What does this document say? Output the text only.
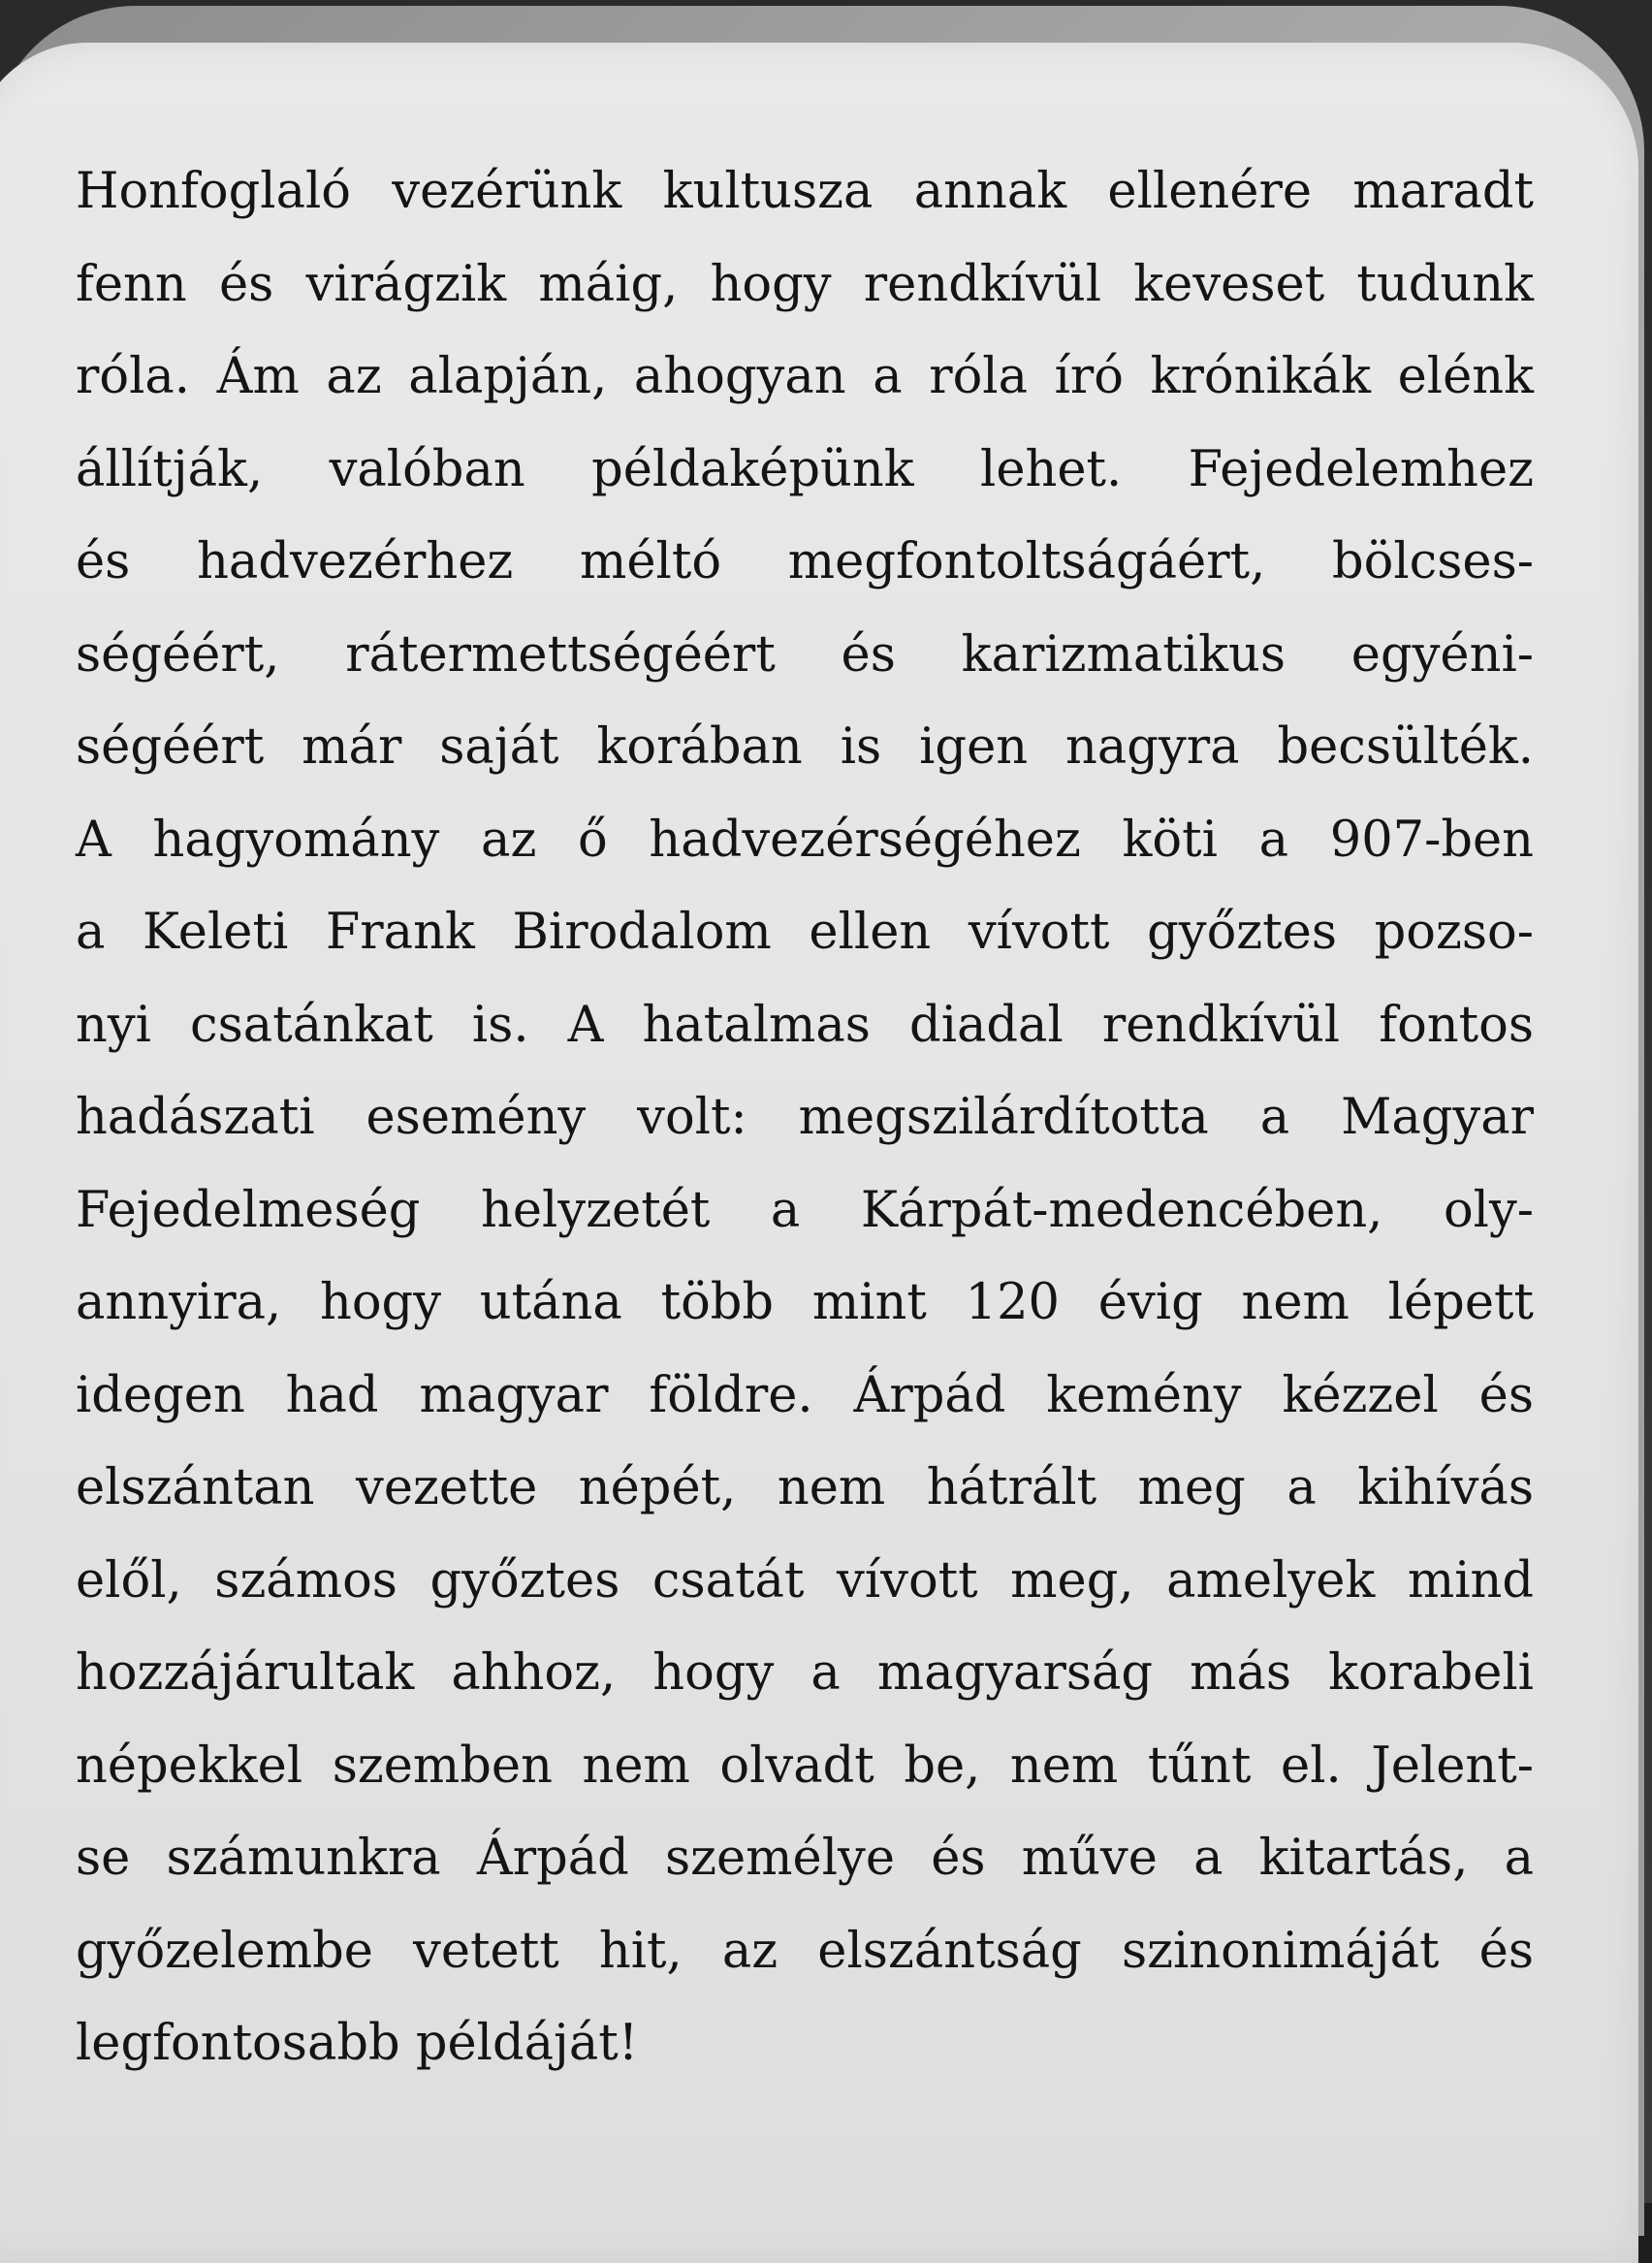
Honfoglaló vezérünk kultusza annak ellenére maradt
fenn és virágzik máig, hogy rendkívül keveset tudunk
róla. Ám az alapján, ahogyan a róla író krónikák elénk
állítják, valóban példaképünk lehet. Fejedelemhez
és hadvezérhez méltó megfontoltságáért, bölcses-
ségéért, rátermettségéért és karizmatikus egyéni-
ségéért már saját korában is igen nagyra becsülték.
A hagyomány az ő hadvezérségéhez köti a 907-ben
a Keleti Frank Birodalom ellen vívott győztes pozso-
nyi csatánkat is. A hatalmas diadal rendkívül fontos
hadászati esemény volt: megszilárdította a Magyar
Fejedelmeség helyzetét a Kárpát-medencében, oly-
annyira, hogy utána több mint 120 évig nem lépett
idegen had magyar földre. Árpád kemény kézzel és
elszántan vezette népét, nem hátrált meg a kihívás
elől, számos győztes csatát vívott meg, amelyek mind
hozzájárultak ahhoz, hogy a magyarság más korabeli
népekkel szemben nem olvadt be, nem tűnt el. Jelent-
se számunkra Árpád személye és műve a kitartás, a
győzelembe vetett hit, az elszántság szinonimáját és
legfontosabb példáját!
